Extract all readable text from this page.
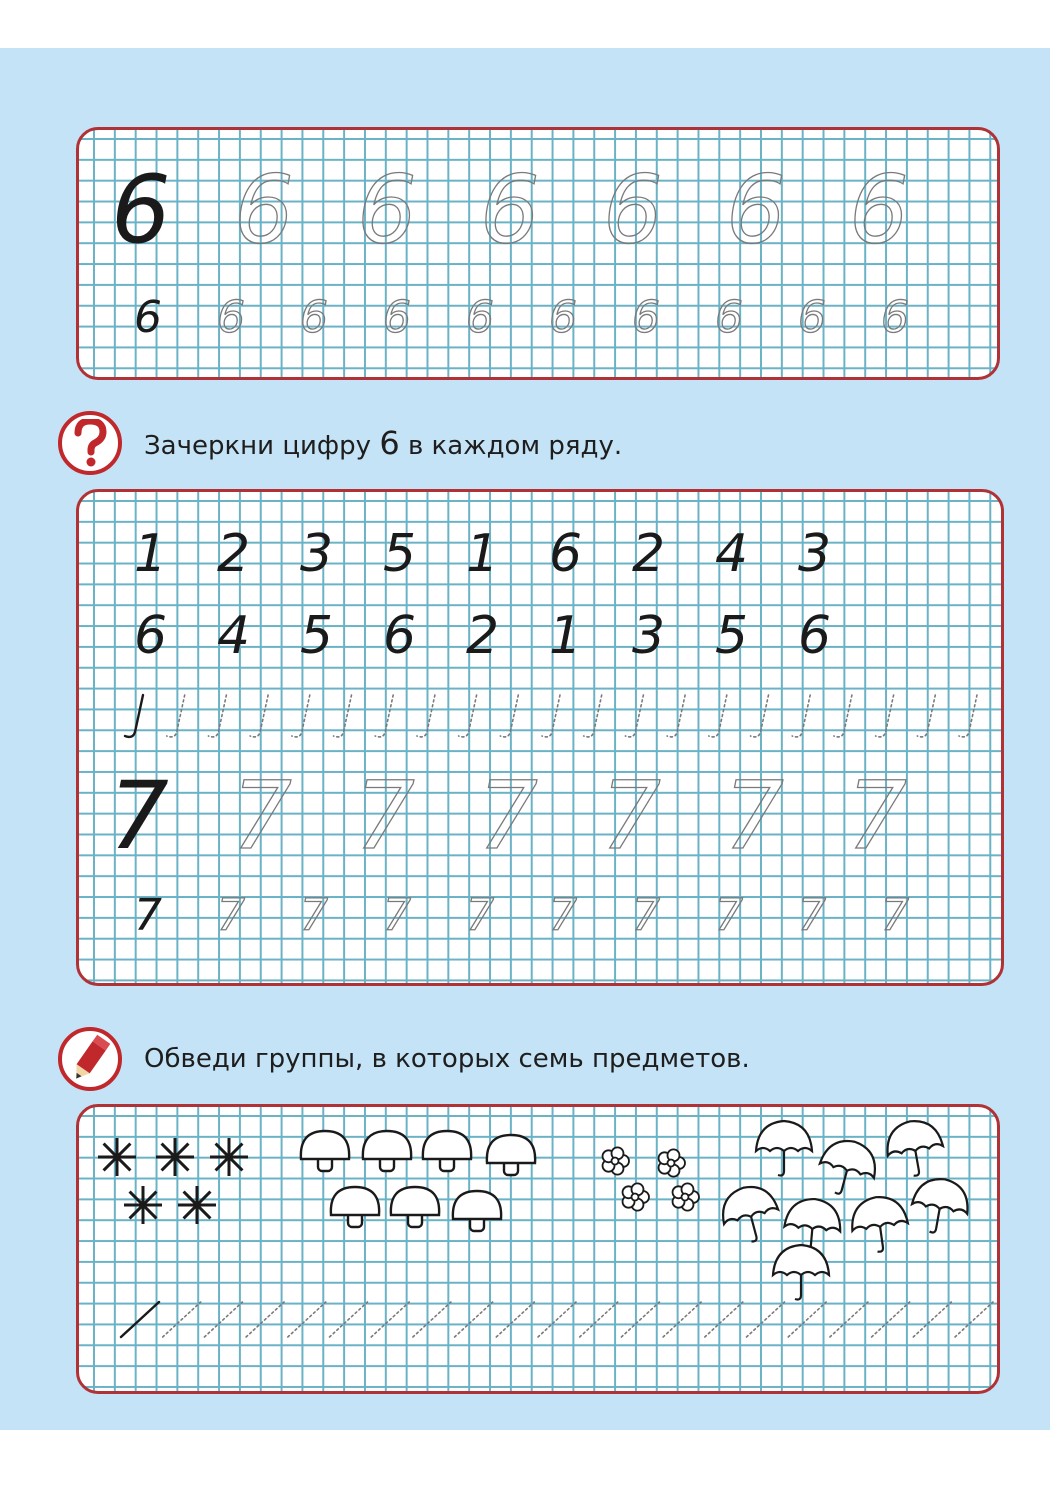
6 6 6 6 6 6 6
6 6 6 6 6 6 6 6 6 6
Зачеркни цифру 6 в каждом ряду.
1 2 3 5 1 6 2 4 3
6 4 5 6 2 1 3 5 6
7 7 7 7 7 7 7
7 7 7 7 7 7 7 7 7 7
Обведи группы, в которых семь предметов.
